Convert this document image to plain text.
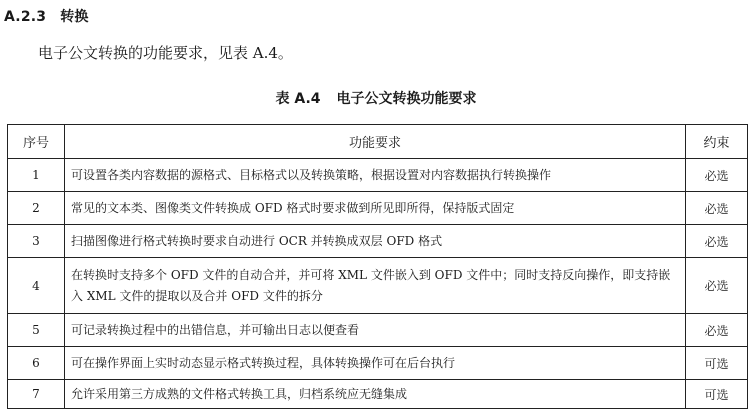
A.2.3 转换
电子公文转换的功能要求，见表 A.4。
表 A.4 电子公文转换功能要求
序号	功能要求	约束
1	可设置各类内容数据的源格式、目标格式以及转换策略，根据设置对内容数据执行转换操作	必选
2	常见的文本类、图像类文件转换成 OFD 格式时要求做到所见即所得，保持版式固定	必选
3	扫描图像进行格式转换时要求自动进行 OCR 并转换成双层 OFD 格式	必选
4	在转换时支持多个 OFD 文件的自动合并，并可将 XML 文件嵌入到 OFD 文件中；同时支持反向操作，即支持嵌入 XML 文件的提取以及合并 OFD 文件的拆分	必选
5	可记录转换过程中的出错信息，并可输出日志以便查看	必选
6	可在操作界面上实时动态显示格式转换过程，具体转换操作可在后台执行	可选
7	允许采用第三方成熟的文件格式转换工具，归档系统应无缝集成	可选
